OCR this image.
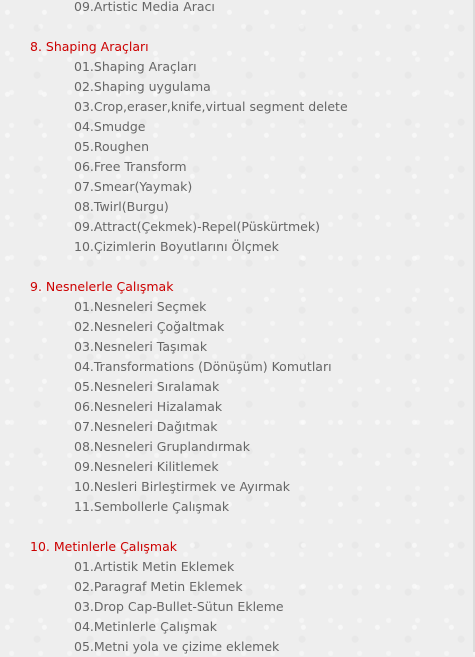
09.Artistic Media Aracı
8. Shaping Araçları
01.Shaping Araçları
02.Shaping uygulama
03.Crop,eraser,knife,virtual segment delete
04.Smudge
05.Roughen
06.Free Transform
07.Smear(Yaymak)
08.Twirl(Burgu)
09.Attract(Çekmek)-Repel(Püskürtmek)
10.Çizimlerin Boyutlarını Ölçmek
9. Nesnelerle Çalışmak
01.Nesneleri Seçmek
02.Nesneleri Çoğaltmak
03.Nesneleri Taşımak
04.Transformations (Dönüşüm) Komutları
05.Nesneleri Sıralamak
06.Nesneleri Hizalamak
07.Nesneleri Dağıtmak
08.Nesneleri Gruplandırmak
09.Nesneleri Kilitlemek
10.Nesleri Birleştirmek ve Ayırmak
11.Sembollerle Çalışmak
10. Metinlerle Çalışmak
01.Artistik Metin Eklemek
02.Paragraf Metin Eklemek
03.Drop Cap-Bullet-Sütun Ekleme
04.Metinlerle Çalışmak
05.Metni yola ve çizime eklemek
